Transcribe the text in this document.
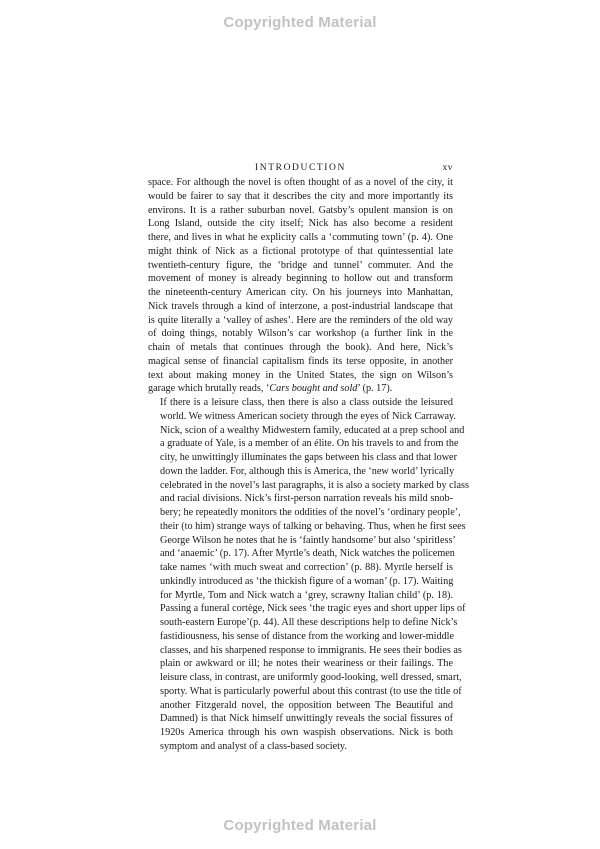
Copyrighted Material
INTRODUCTION	xv

space. For although the novel is often thought of as a novel of the city, it
would be fairer to say that it describes the city and more importantly its
environs. It is a rather suburban novel. Gatsby’s opulent mansion is on
Long Island, outside the city itself; Nick has also become a resident
there, and lives in what he explicity calls a ‘commuting town’ (p. 4). One
might think of Nick as a fictional prototype of that quintessential late
twentieth-century figure, the ‘bridge and tunnel’ commuter. And the
movement of money is already beginning to hollow out and transform
the nineteenth-century American city. On his journeys into Manhattan,
Nick travels through a kind of interzone, a post-industrial landscape that
is quite literally a ‘valley of ashes’. Here are the reminders of the old way
of doing things, notably Wilson’s car workshop (a further link in the
chain of metals that continues through the book). And here, Nick’s
magical sense of financial capitalism finds its terse opposite, in another
text about making money in the United States, the sign on Wilson’s
garage which brutally reads, ‘Cars bought and sold’ (p. 17).

If there is a leisure class, then there is also a class outside the leisured
world. We witness American society through the eyes of Nick Carraway.
Nick, scion of a wealthy Midwestern family, educated at a prep school and
a graduate of Yale, is a member of an élite. On his travels to and from the
city, he unwittingly illuminates the gaps between his class and that lower
down the ladder. For, although this is America, the ‘new world’ lyrically
celebrated in the novel’s last paragraphs, it is also a society marked by class
and racial divisions. Nick’s first-person narration reveals his mild snob-
bery; he repeatedly monitors the oddities of the novel’s ‘ordinary people’,
their (to him) strange ways of talking or behaving. Thus, when he first sees
George Wilson he notes that he is ‘faintly handsome’ but also ‘spiritless’
and ‘anaemic’ (p. 17). After Myrtle’s death, Nick watches the policemen
take names ‘with much sweat and correction’ (p. 88). Myrtle herself is
unkindly introduced as ‘the thickish figure of a woman’ (p. 17). Waiting
for Myrtle, Tom and Nick watch a ‘grey, scrawny Italian child’ (p. 18).
Passing a funeral cortège, Nick sees ‘the tragic eyes and short upper lips of
south-eastern Europe’(p. 44). All these descriptions help to define Nick’s
fastidiousness, his sense of distance from the working and lower-middle
classes, and his sharpened response to immigrants. He sees their bodies as
plain or awkward or ill; he notes their weariness or their failings. The
leisure class, in contrast, are uniformly good-looking, well dressed, smart,
sporty. What is particularly powerful about this contrast (to use the title of
another Fitzgerald novel, the opposition between The Beautiful and
Damned) is that Nick himself unwittingly reveals the social fissures of
1920s America through his own waspish observations. Nick is both
symptom and analyst of a class-based society.

Copyrighted Material
